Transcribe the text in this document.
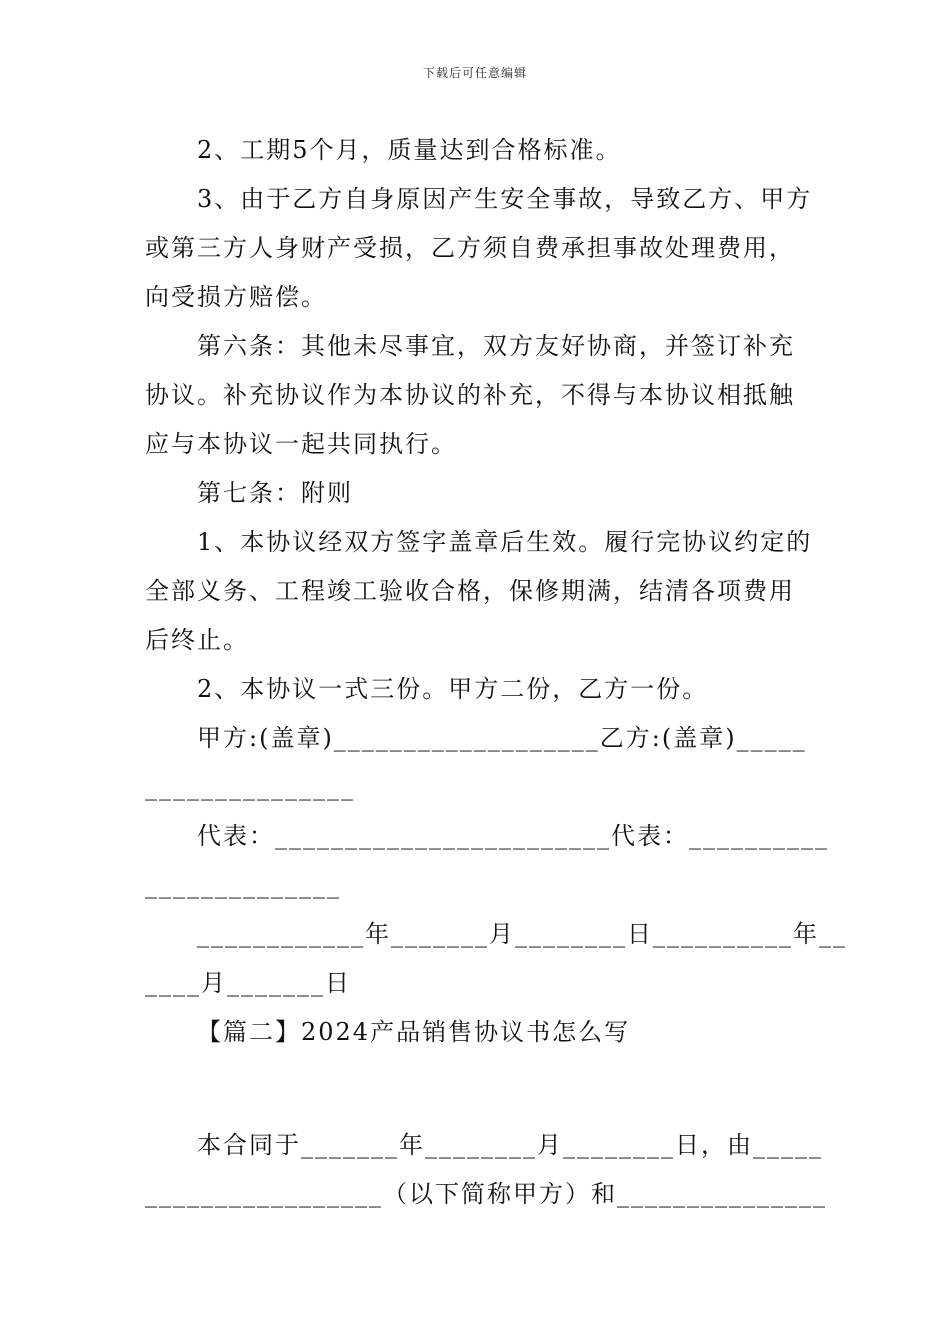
下载后可任意编辑
2、工期5个月，质量达到合格标准。
3、由于乙方自身原因产生安全事故，导致乙方、甲方
或第三方人身财产受损，乙方须自费承担事故处理费用，
向受损方赔偿。
第六条：其他未尽事宜，双方友好协商，并签订补充
协议。补充协议作为本协议的补充，不得与本协议相抵触
应与本协议一起共同执行。
第七条：附则
1、本协议经双方签字盖章后生效。履行完协议约定的
全部义务、工程竣工验收合格，保修期满，结清各项费用
后终止。
2、本协议一式三份。甲方二份，乙方一份。
甲方:(盖章)___________________乙方:(盖章)_____
_______________
代表：________________________代表：__________
______________
____________年_______月________日__________年__
____月_______日
【篇二】2024产品销售协议书怎么写
本合同于_______年________月________日，由_____
_________________（以下简称甲方）和_______________
